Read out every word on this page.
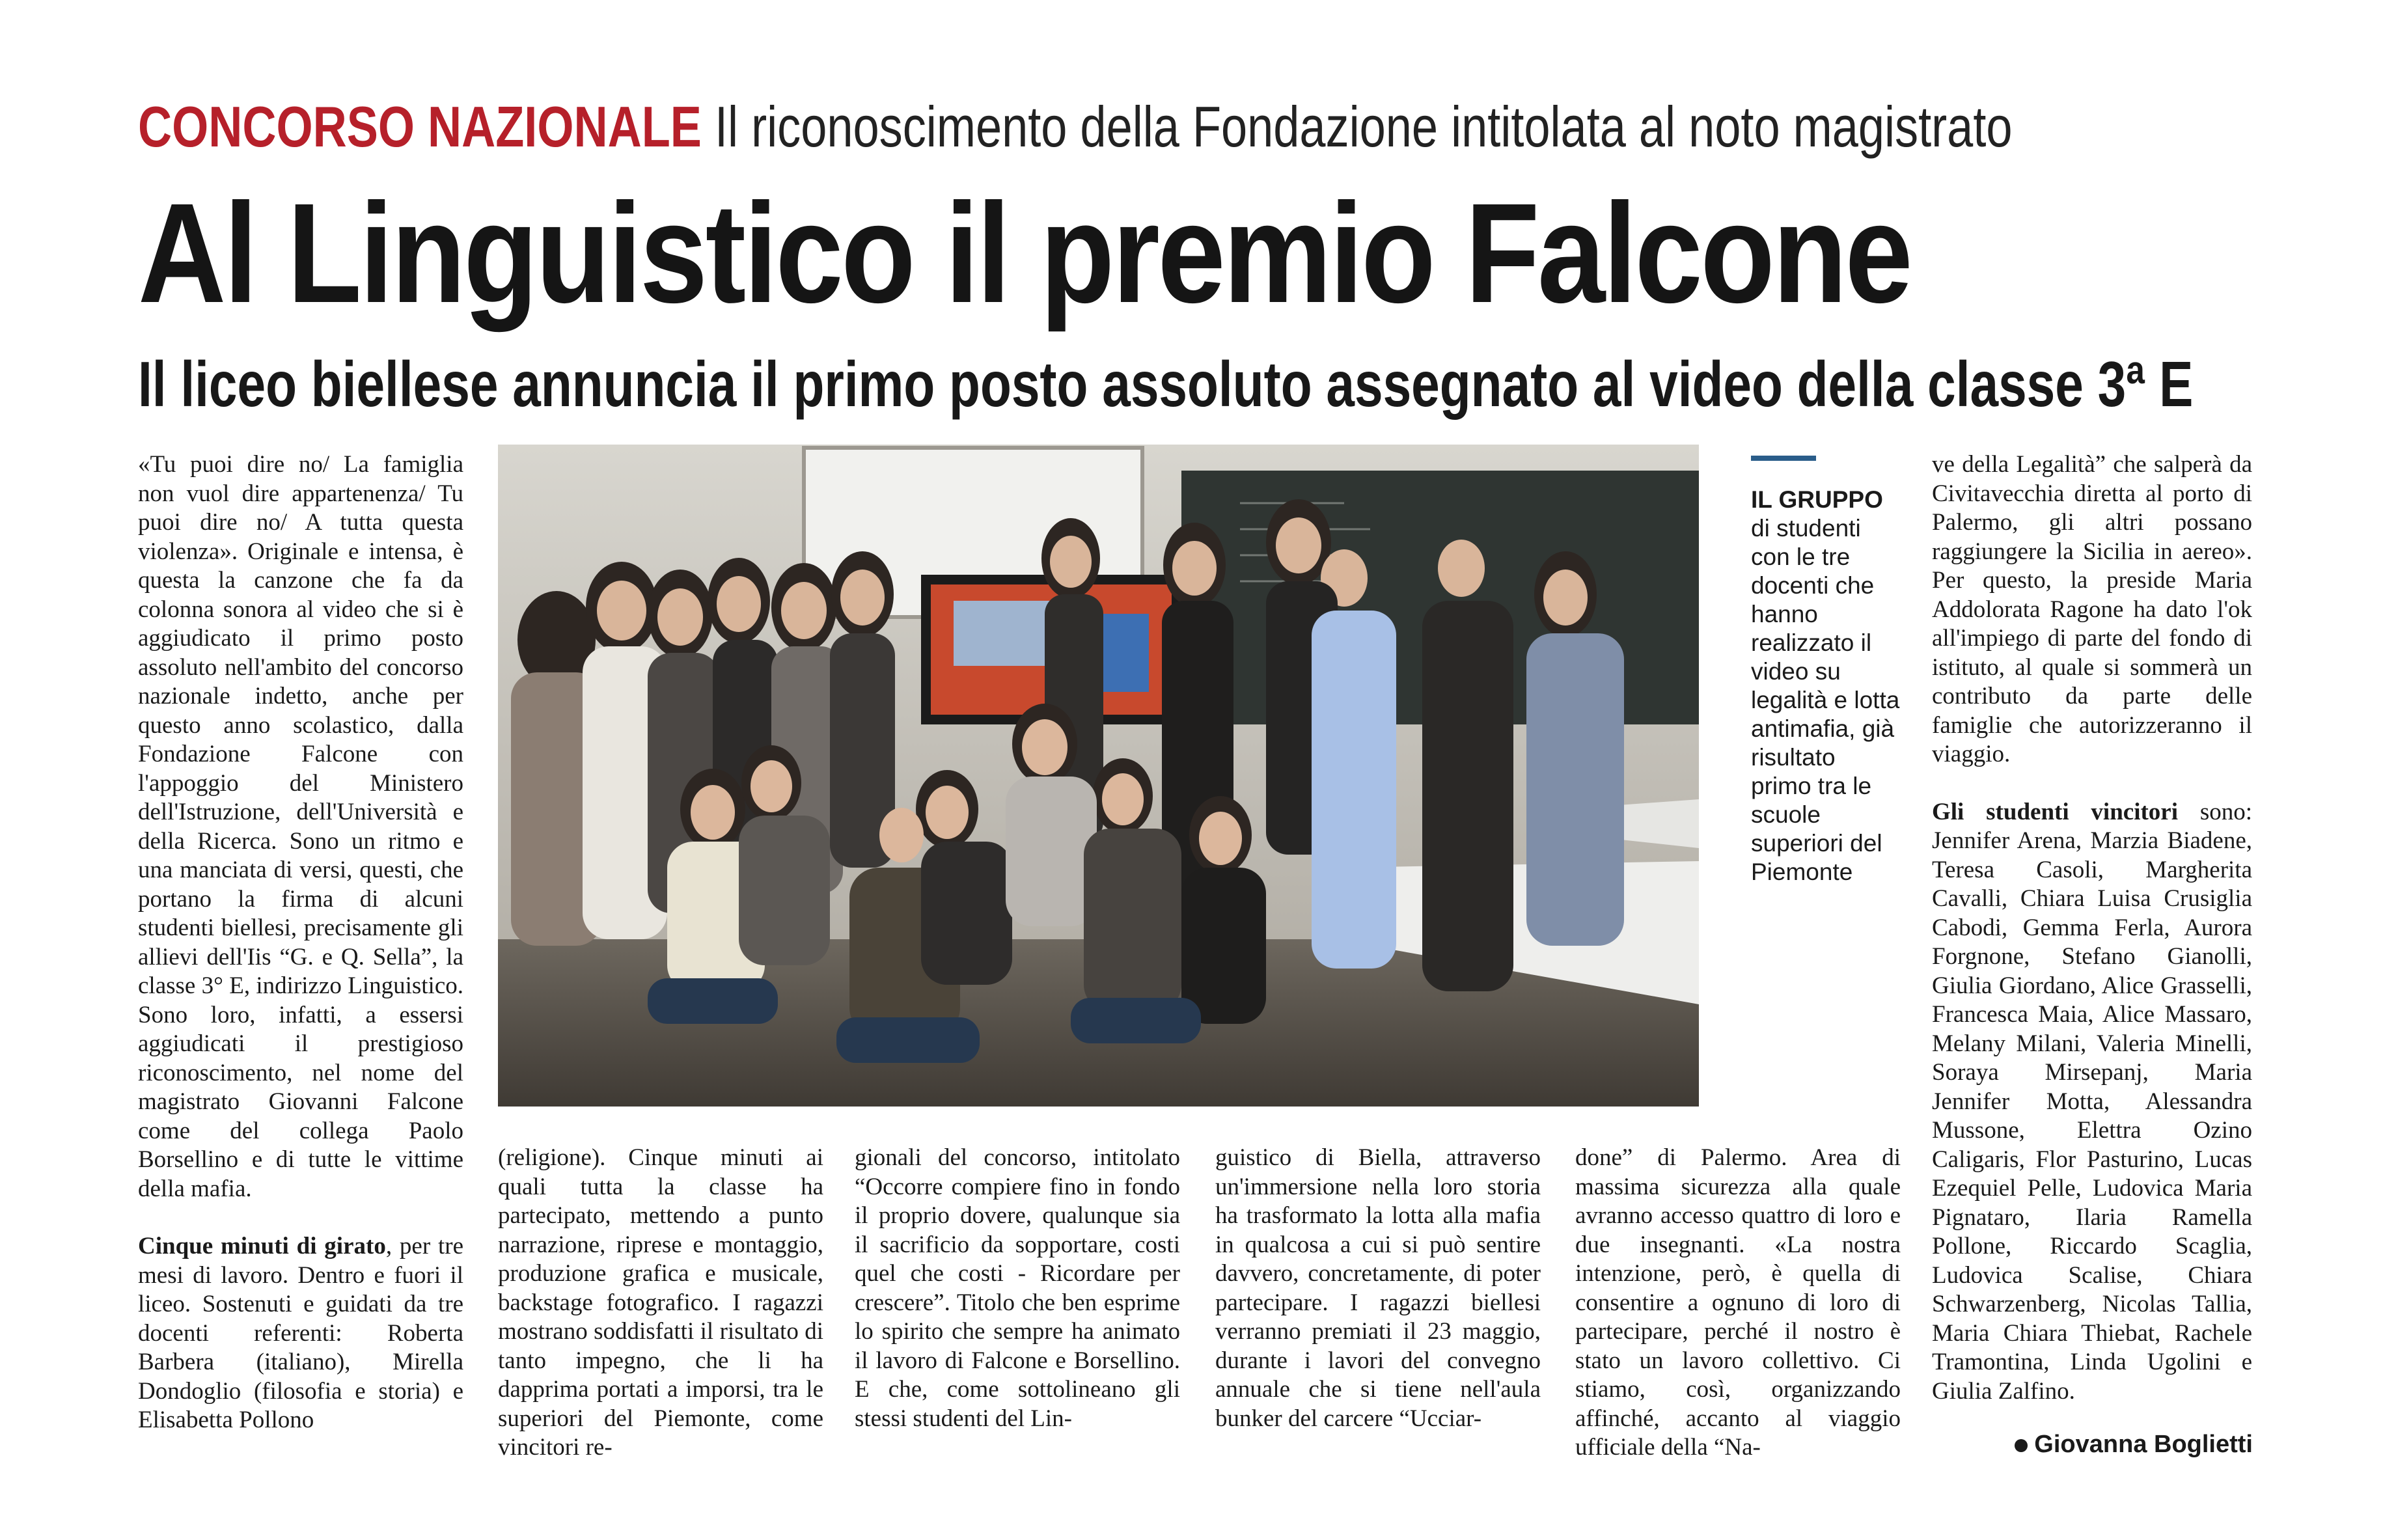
CONCORSO NAZIONALE Il riconoscimento della Fondazione intitolata al noto magistrato
Al Linguistico il premio Falcone
Il liceo biellese annuncia il primo posto assoluto assegnato al video della classe 3ª E

«Tu puoi dire no/ La famiglia non vuol dire appartenenza/ Tu puoi dire no/ A tutta questa violenza». Originale e intensa, è questa la canzone che fa da colonna sonora al video che si è aggiudicato il primo posto assoluto nell'ambito del concorso nazionale indetto, anche per questo anno scolastico, dalla Fondazione Falcone con l'appoggio del Ministero dell'Istruzione, dell'Università e della Ricerca. Sono un ritmo e una manciata di versi, questi, che portano la firma di alcuni studenti biellesi, precisamente gli allievi dell'Iis “G. e Q. Sella”, la classe 3° E, indirizzo Linguistico. Sono loro, infatti, a essersi aggiudicati il prestigioso riconoscimento, nel nome del magistrato Giovanni Falcone come del collega Paolo Borsellino e di tutte le vittime della mafia.

Cinque minuti di girato, per tre mesi di lavoro. Dentro e fuori il liceo. Sostenuti e guidati da tre docenti referenti: Roberta Barbera (italiano), Mirella Dondoglio (filosofia e storia) e Elisabetta Pollono

IL GRUPPO di studenti con le tre docenti che hanno realizzato il video su legalità e lotta antimafia, già risultato primo tra le scuole superiori del Piemonte

(religione). Cinque minuti ai quali tutta la classe ha partecipato, mettendo a punto narrazione, riprese e montaggio, produzione grafica e musicale, backstage fotografico. I ragazzi mostrano soddisfatti il risultato di tanto impegno, che li ha dapprima portati a imporsi, tra le superiori del Piemonte, come vincitori re-

gionali del concorso, intitolato “Occorre compiere fino in fondo il proprio dovere, qualunque sia il sacrificio da sopportare, costi quel che costi - Ricordare per crescere”. Titolo che ben esprime lo spirito che sempre ha animato il lavoro di Falcone e Borsellino. E che, come sottolineano gli stessi studenti del Lin-

guistico di Biella, attraverso un'immersione nella loro storia ha trasformato la lotta alla mafia in qualcosa a cui si può sentire davvero, concretamente, di poter partecipare. I ragazzi biellesi verranno premiati il 23 maggio, durante i lavori del convegno annuale che si tiene nell'aula bunker del carcere “Ucciar-

done” di Palermo. Area di massima sicurezza alla quale avranno accesso quattro di loro e due insegnanti. «La nostra intenzione, però, è quella di consentire a ognuno di loro di partecipare, perché il nostro è stato un lavoro collettivo. Ci stiamo, così, organizzando affinché, accanto al viaggio ufficiale della “Na-

ve della Legalità” che salperà da Civitavecchia diretta al porto di Palermo, gli altri possano raggiungere la Sicilia in aereo». Per questo, la preside Maria Addolorata Ragone ha dato l'ok all'impiego di parte del fondo di istituto, al quale si sommerà un contributo da parte delle famiglie che autorizzeranno il viaggio.

Gli studenti vincitori sono: Jennifer Arena, Marzia Biadene, Teresa Casoli, Margherita Cavalli, Chiara Luisa Crusiglia Cabodi, Gemma Ferla, Aurora Forgnone, Stefano Gianolli, Giulia Giordano, Alice Grasselli, Francesca Maia, Alice Massaro, Melany Milani, Valeria Minelli, Soraya Mirsepanj, Maria Jennifer Motta, Alessandra Mussone, Elettra Ozino Caligaris, Flor Pasturino, Lucas Ezequiel Pelle, Ludovica Maria Pignataro, Ilaria Ramella Pollone, Riccardo Scaglia, Ludovica Scalise, Chiara Schwarzenberg, Nicolas Tallia, Maria Chiara Thiebat, Rachele Tramontina, Linda Ugolini e Giulia Zalfino.

Giovanna Boglietti
